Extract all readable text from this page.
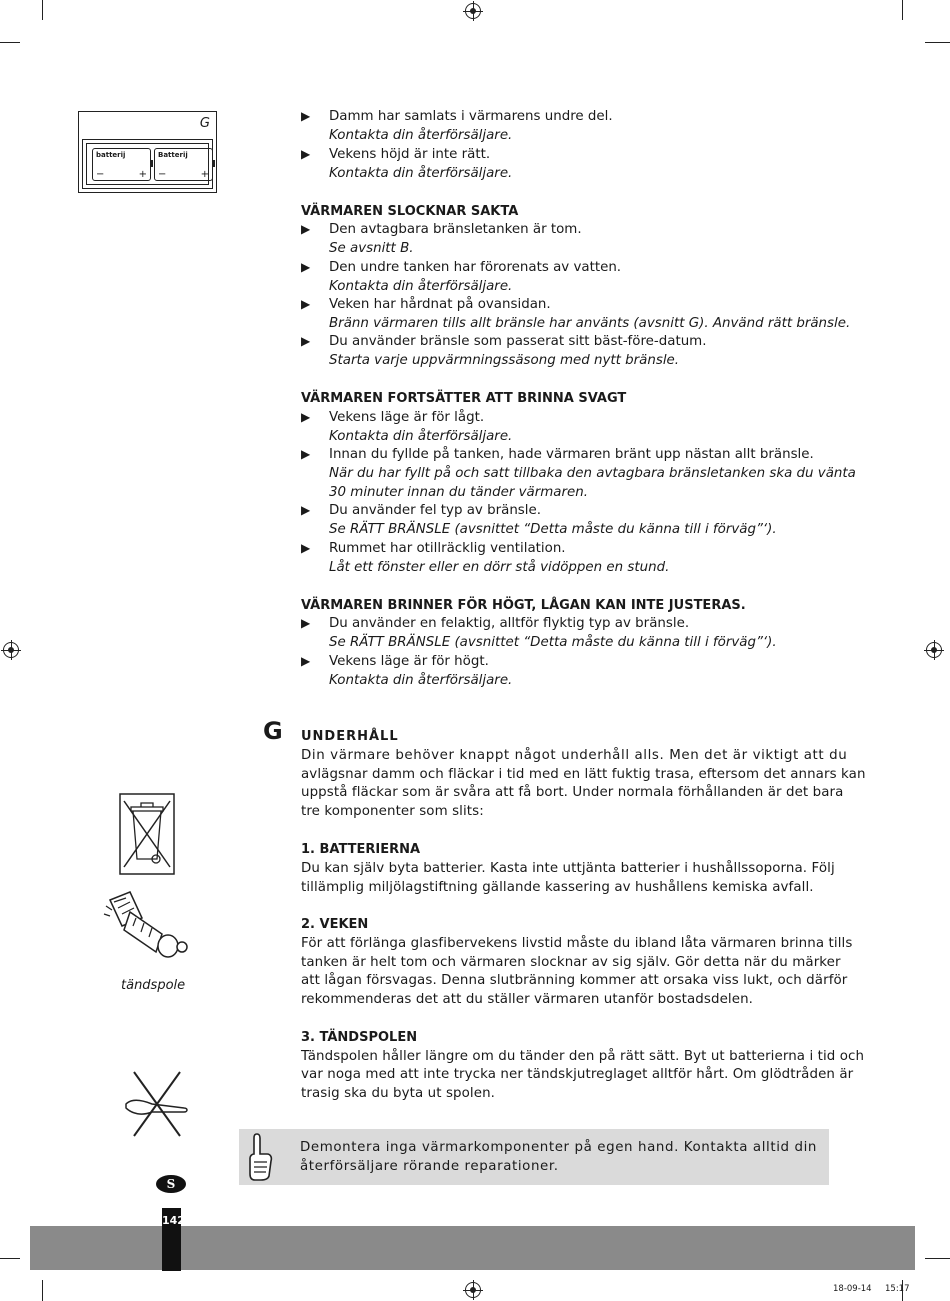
G
batterij
−	+
Batterij
−	+
▶ Damm har samlats i värmarens undre del.
Kontakta din återförsäljare.
▶ Vekens höjd är inte rätt.
Kontakta din återförsäljare.
VÄRMAREN SLOCKNAR SAKTA
▶ Den avtagbara bränsletanken är tom.
Se avsnitt B.
▶ Den undre tanken har förorenats av vatten.
Kontakta din återförsäljare.
▶ Veken har hårdnat på ovansidan.
Bränn värmaren tills allt bränsle har använts (avsnitt G). Använd rätt bränsle.
▶ Du använder bränsle som passerat sitt bäst-före-datum.
Starta varje uppvärmningssäsong med nytt bränsle.
VÄRMAREN FORTSÄTTER ATT BRINNA SVAGT
▶ Vekens läge är för lågt.
Kontakta din återförsäljare.
▶ Innan du fyllde på tanken, hade värmaren bränt upp nästan allt bränsle.
När du har fyllt på och satt tillbaka den avtagbara bränsletanken ska du vänta
30 minuter innan du tänder värmaren.
▶ Du använder fel typ av bränsle.
Se RÄTT BRÄNSLE (avsnittet “Detta måste du känna till i förväg”‘).
▶ Rummet har otillräcklig ventilation.
Låt ett fönster eller en dörr stå vidöppen en stund.
VÄRMAREN BRINNER FÖR HÖGT, LÅGAN KAN INTE JUSTERAS.
▶ Du använder en felaktig, alltför flyktig typ av bränsle.
Se RÄTT BRÄNSLE (avsnittet “Detta måste du känna till i förväg”‘).
▶ Vekens läge är för högt.
Kontakta din återförsäljare.
G UNDERHÅLL
Din värmare behöver knappt något underhåll alls. Men det är viktigt att du
avlägsnar damm och fläckar i tid med en lätt fuktig trasa, eftersom det annars kan
uppstå fläckar som är svåra att få bort. Under normala förhållanden är det bara
tre komponenter som slits:
1. BATTERIERNA
Du kan själv byta batterier. Kasta inte uttjänta batterier i hushållssoporna. Följ
tillämplig miljölagstiftning gällande kassering av hushållens kemiska avfall.
2. VEKEN
För att förlänga glasfibervekens livstid måste du ibland låta värmaren brinna tills
tanken är helt tom och värmaren slocknar av sig själv. Gör detta när du märker
att lågan försvagas. Denna slutbränning kommer att orsaka viss lukt, och därför
rekommenderas det att du ställer värmaren utanför bostadsdelen.
3. TÄNDSPOLEN
Tändspolen håller längre om du tänder den på rätt sätt. Byt ut batterierna i tid och
var noga med att inte trycka ner tändskjutreglaget alltför hårt. Om glödtråden är
trasig ska du byta ut spolen.
tändspole
Demontera inga värmarkomponenter på egen hand. Kontakta alltid din
återförsäljare rörande reparationer.
S
142
18-09-14 15:17
